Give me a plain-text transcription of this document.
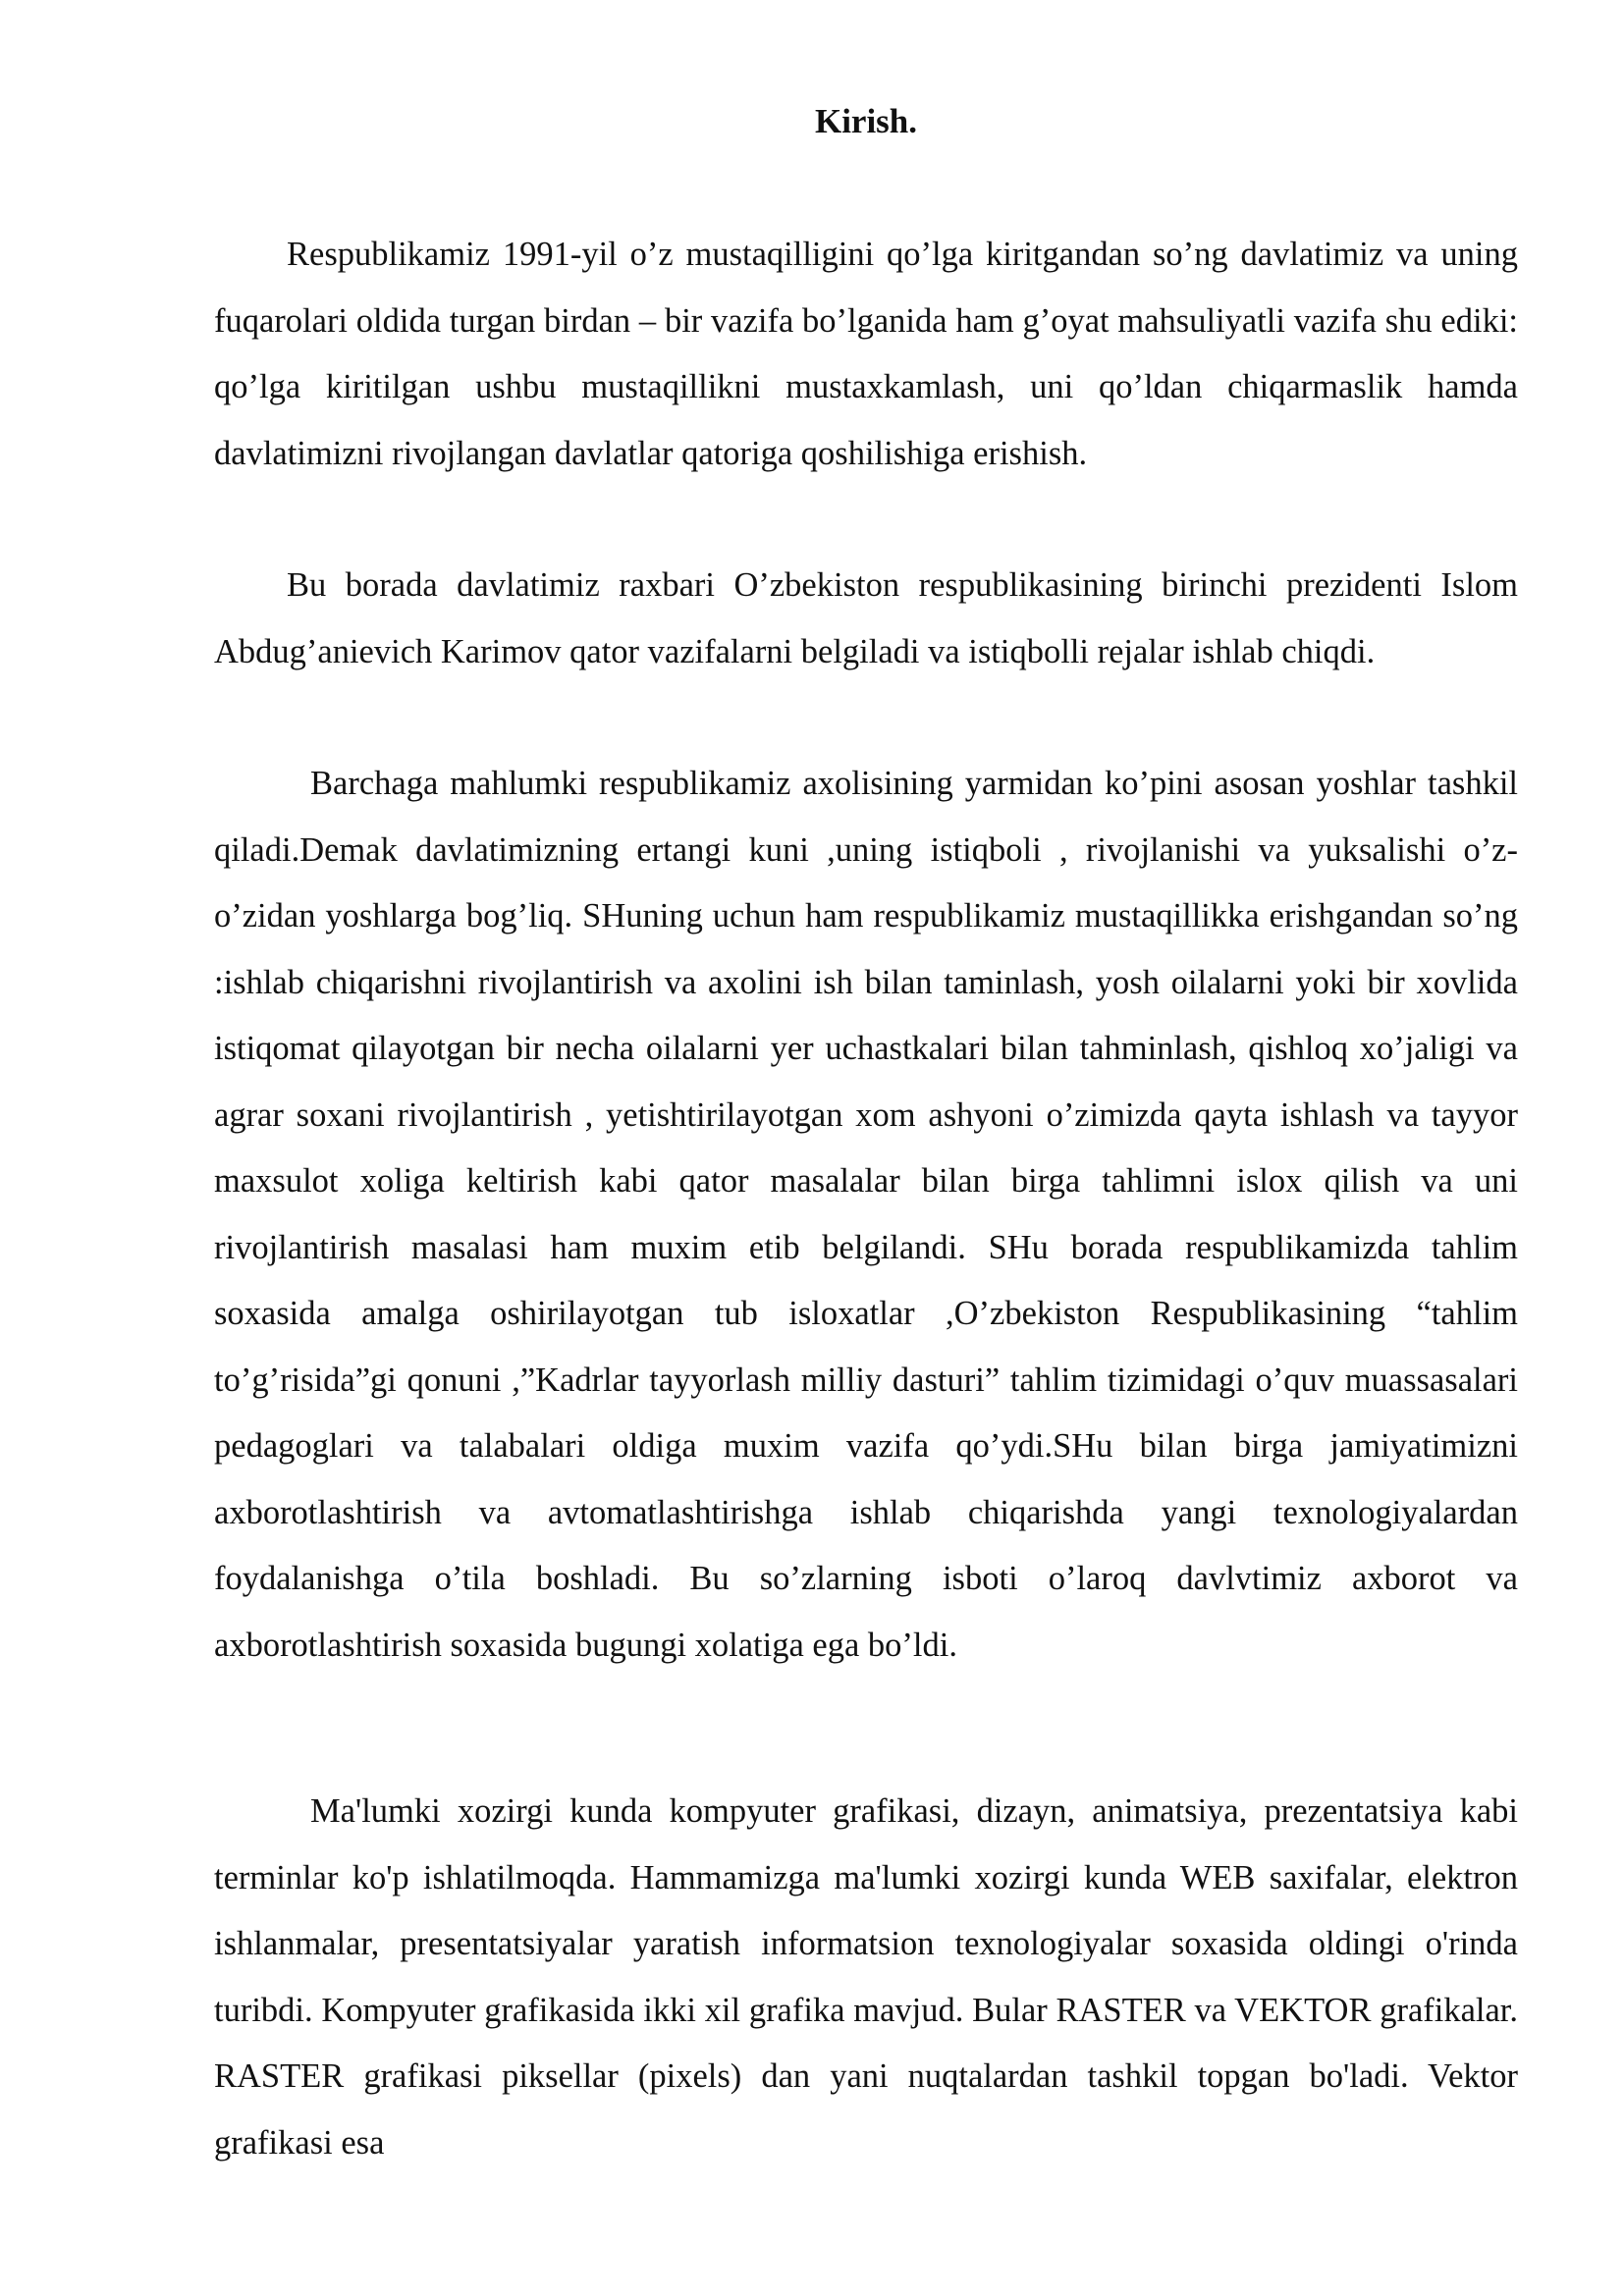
Kirish.

Respublikamiz 1991-yil o’z mustaqilligini qo’lga kiritgandan so’ng davlatimiz va uning fuqarolari oldida turgan birdan – bir vazifa bo’lganida ham g’oyat mahsuliyatli vazifa shu ediki: qo’lga kiritilgan ushbu mustaqillikni mustaxkamlash, uni qo’ldan chiqarmaslik hamda davlatimizni rivojlangan davlatlar qatoriga qoshilishiga erishish.

Bu borada davlatimiz raxbari O’zbekiston respublikasining birinchi prezidenti Islom Abdug’anievich Karimov qator vazifalarni belgiladi va istiqbolli rejalar ishlab chiqdi.

Barchaga mahlumki respublikamiz axolisining yarmidan ko’pini asosan yoshlar tashkil qiladi.Demak davlatimizning ertangi kuni ,uning istiqboli , rivojlanishi va yuksalishi o’z-o’zidan yoshlarga bog’liq. SHuning uchun ham respublikamiz mustaqillikka erishgandan so’ng :ishlab chiqarishni rivojlantirish va axolini ish bilan taminlash, yosh oilalarni yoki bir xovlida istiqomat qilayotgan bir necha oilalarni yer uchastkalari bilan tahminlash, qishloq xo’jaligi va agrar soxani rivojlantirish , yetishtirilayotgan xom ashyoni o’zimizda qayta ishlash va tayyor maxsulot xoliga keltirish kabi qator masalalar bilan birga tahlimni islox qilish va uni rivojlantirish masalasi ham muxim etib belgilandi. SHu borada respublikamizda tahlim soxasida amalga oshirilayotgan tub isloxatlar ,O’zbekiston Respublikasining “tahlim to’g’risida”gi qonuni ,”Kadrlar tayyorlash milliy dasturi” tahlim tizimidagi o’quv muassasalari pedagoglari va talabalari oldiga muxim vazifa qo’ydi.SHu bilan birga jamiyatimizni axborotlashtirish va avtomatlashtirishga ishlab chiqarishda yangi texnologiyalardan foydalanishga o’tila boshladi. Bu so’zlarning isboti o’laroq davlvtimiz axborot va axborotlashtirish soxasida bugungi xolatiga ega bo’ldi.

Ma'lumki xozirgi kunda kompyuter grafikasi, dizayn, animatsiya, prezentatsiya kabi terminlar ko'p ishlatilmoqda. Hammamizga ma'lumki xozirgi kunda WEB saxifalar, elektron ishlanmalar, presentatsiyalar yaratish informatsion texnologiyalar soxasida oldingi o'rinda turibdi. Kompyuter grafikasida ikki xil grafika mavjud. Bular RASTER va VEKTOR grafikalar. RASTER grafikasi piksellar (pixels) dan yani nuqtalardan tashkil topgan bo'ladi. Vektor grafikasi esa
